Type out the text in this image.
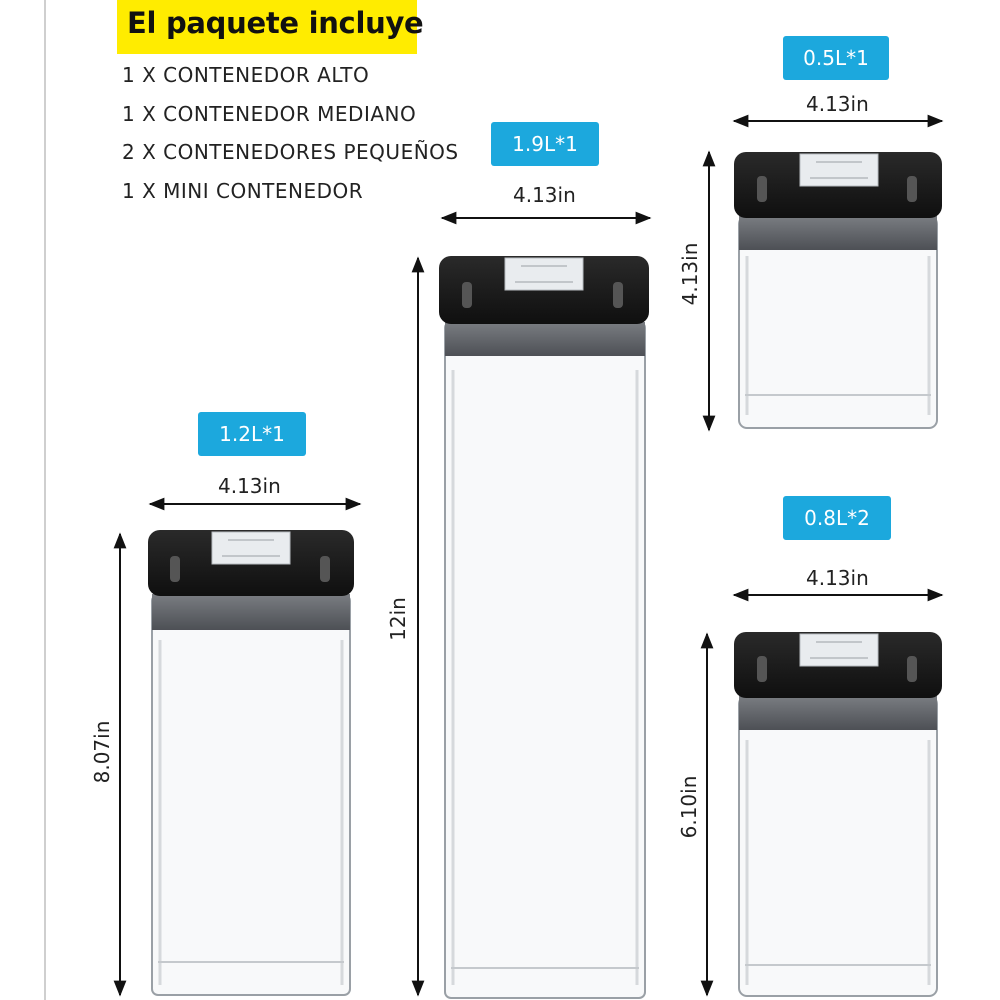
El paquete incluye
1 X CONTENEDOR ALTO
1 X CONTENEDOR MEDIANO
2 X CONTENEDORES PEQUEÑOS
1 X MINI CONTENEDOR
1.2L*1
1.9L*1
0.5L*1
0.8L*2
4.13in
4.13in
4.13in
4.13in
8.07in
12in
4.13in
6.10in
